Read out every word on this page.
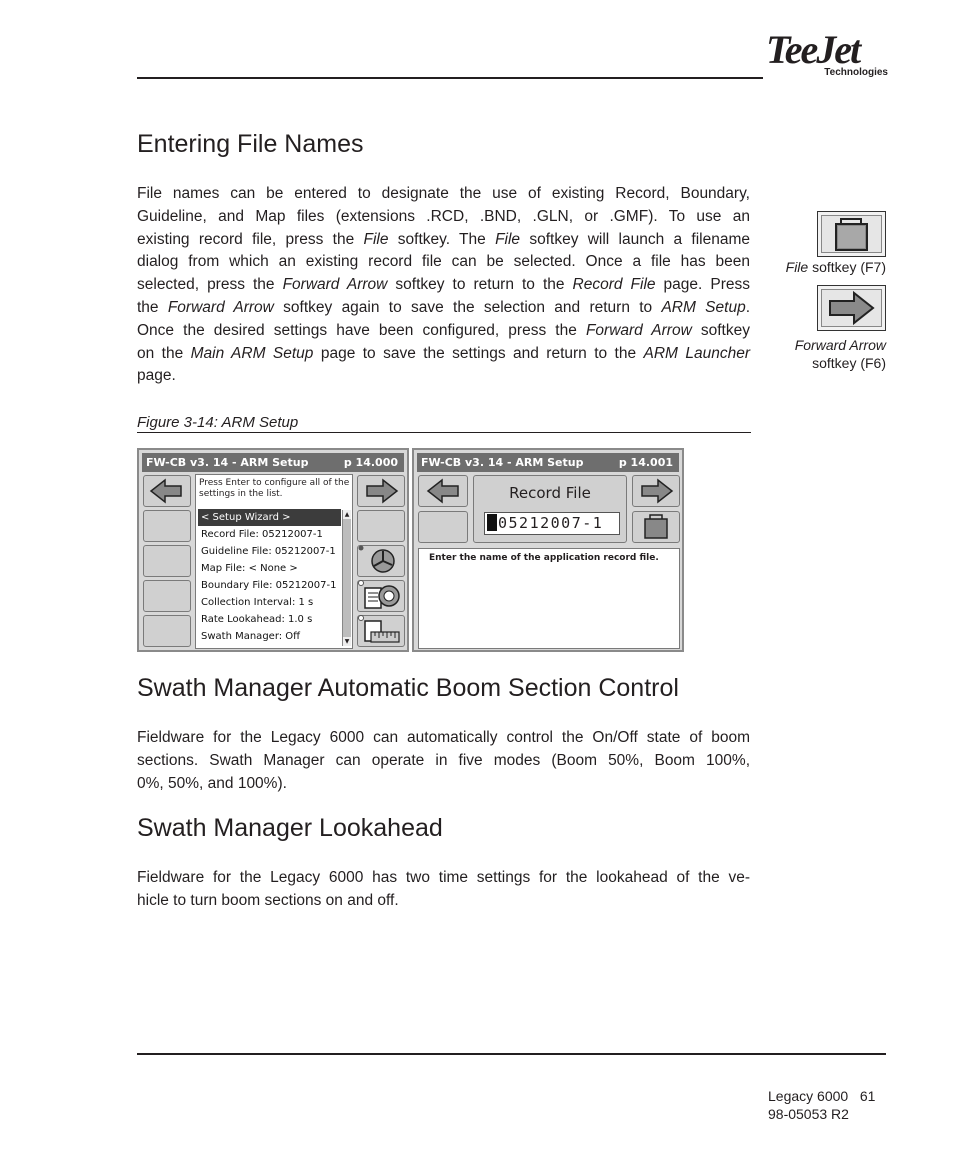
TeeJet
Technologies
Entering File Names
File names can be entered to designate the use of existing Record, Boundary,
Guideline, and Map files (extensions .RCD, .BND, .GLN, or .GMF). To use an
existing record file, press the File softkey. The File softkey will launch a filename
dialog from which an existing record file can be selected. Once a file has been
selected, press the Forward Arrow softkey to return to the Record File page. Press
the Forward Arrow softkey again to save the selection and return to ARM Setup.
Once the desired settings have been configured, press the Forward Arrow softkey
on the Main ARM Setup page to save the settings and return to the ARM Launcher
page.
File softkey (F7)
Forward Arrow
softkey (F6)
Figure 3-14: ARM Setup
FW-CB v3. 14 - ARM Setup	p 14.000
Press Enter to configure all of the
settings in the list.
< Setup Wizard >
Record File: 05212007-1
Guideline File: 05212007-1
Map File: < None >
Boundary File: 05212007-1
Collection Interval: 1 s
Rate Lookahead: 1.0 s
Swath Manager: Off
▲
▼
FW-CB v3. 14 - ARM Setup	p 14.001
Record File
05212007-1
Enter the name of the application record file.
Swath Manager Automatic Boom Section Control
Fieldware for the Legacy 6000 can automatically control the On/Off state of boom
sections. Swath Manager can operate in five modes (Boom 50%, Boom 100%,
0%, 50%, and 100%).
Swath Manager Lookahead
Fieldware for the Legacy 6000 has two time settings for the lookahead of the ve-
hicle to turn boom sections on and off.
Legacy 6000 61
98-05053 R2
